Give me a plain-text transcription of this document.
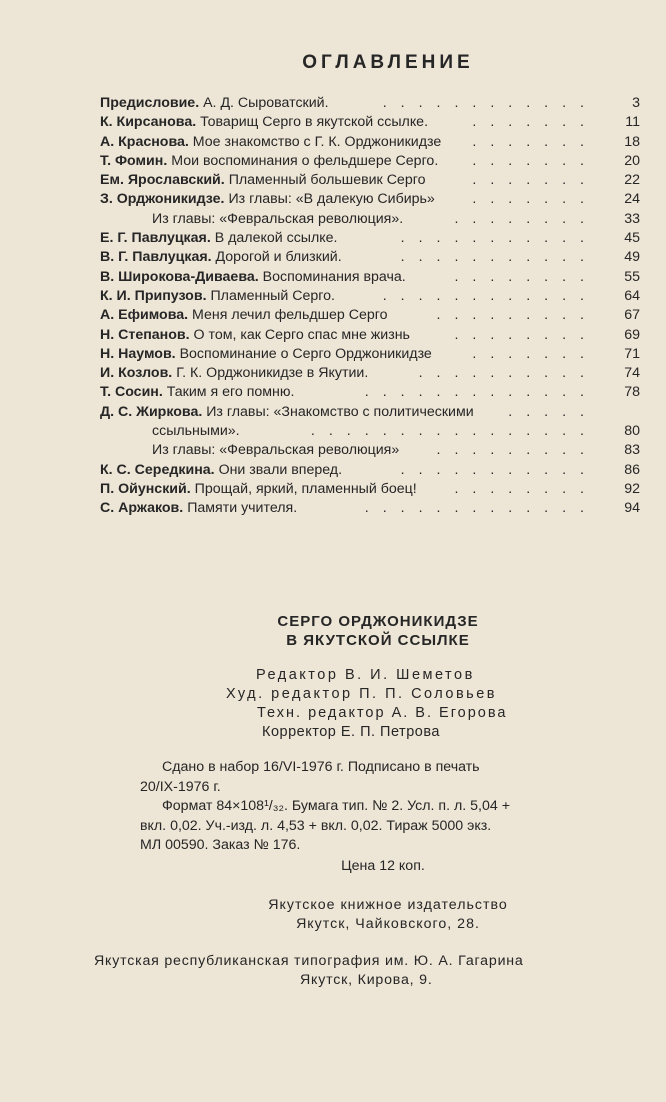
ОГЛАВЛЕНИЕ
Предисловие. А. Д. Сыроватский.	3
............
К. Кирсанова. Товарищ Серго в якутской ссылке.	11
.......
А. Краснова. Мое знакомство с Г. К. Орджоникидзе	18
.......
Т. Фомин. Мои воспоминания о фельдшере Серго.	20
.......
Ем. Ярославский. Пламенный большевик Серго	22
.......
З. Орджоникидзе. Из главы: «В далекую Сибирь»	24
.......
Из главы: «Февральская революция».	33
........
Е. Г. Павлуцкая. В далекой ссылке.	45
...........
В. Г. Павлуцкая. Дорогой и близкий.	49
...........
В. Широкова-Диваева. Воспоминания врача.	55
........
К. И. Припузов. Пламенный Серго.	64
............
А. Ефимова. Меня лечил фельдшер Серго	67
.........
Н. Степанов. О том, как Серго спас мне жизнь	69
........
Н. Наумов. Воспоминание о Серго Орджоникидзе	71
.......
И. Козлов. Г. К. Орджоникидзе в Якутии.	74
..........
Т. Сосин. Таким я его помню.	78
.............
Д. С. Жиркова. Из главы: «Знакомство с политическими	.....
ссыльными».	80
................
Из главы: «Февральская революция»	83
.........
К. С. Середкина. Они звали вперед.	86
...........
П. Ойунский. Прощай, яркий, пламенный боец!	92
........
С. Аржаков. Памяти учителя.	94
.............
СЕРГО ОРДЖОНИКИДЗЕ
В ЯКУТСКОЙ ССЫЛКЕ
Редактор В. И. Шеметов
Худ. редактор П. П. Соловьев
Техн. редактор А. В. Егорова
Корректор Е. П. Петрова
Сдано в набор 16/VI-1976 г. Подписано в печать
20/IX-1976 г.
Формат 84×108¹/₃₂. Бумага тип. № 2. Усл. п. л. 5,04 +
вкл. 0,02. Уч.-изд. л. 4,53 + вкл. 0,02. Тираж 5000 экз.
МЛ 00590. Заказ № 176.
Цена 12 коп.
Якутское книжное издательство
Якутск, Чайковского, 28.
Якутская республиканская типография им. Ю. А. Гагарина
Якутск, Кирова, 9.
